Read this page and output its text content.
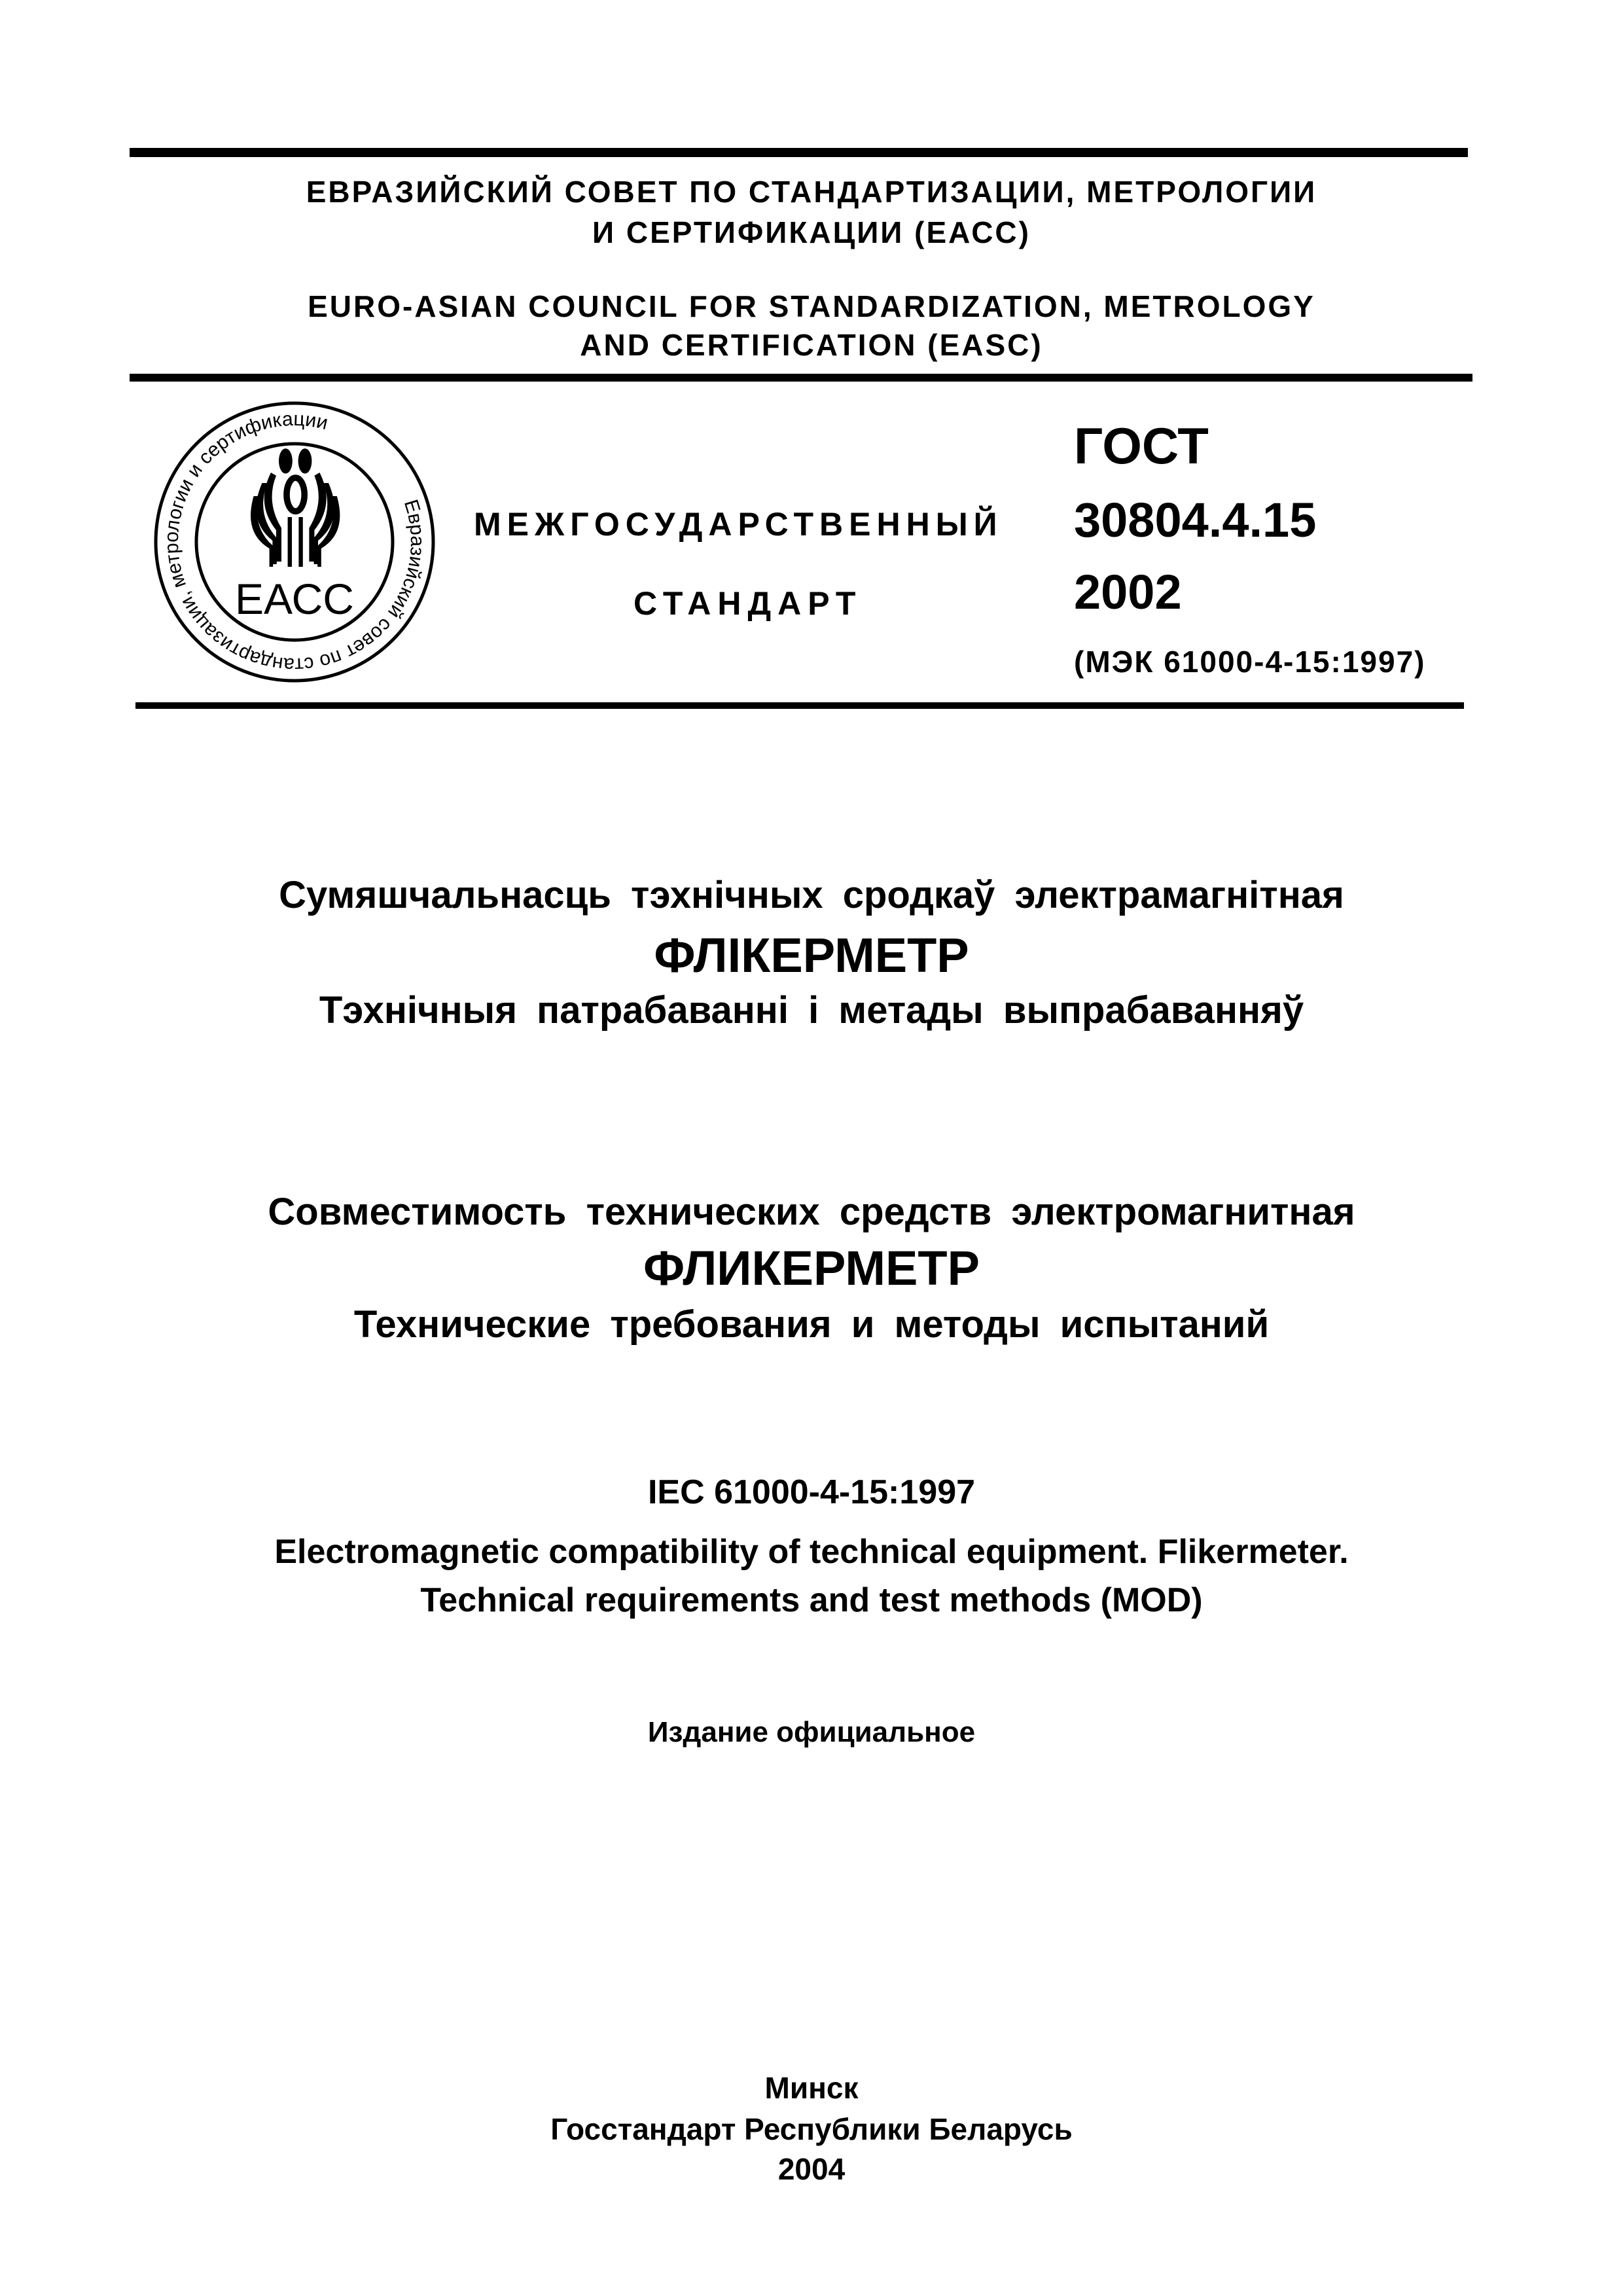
ЕВРАЗИЙСКИЙ СОВЕТ ПО СТАНДАРТИЗАЦИИ, МЕТРОЛОГИИ
И СЕРТИФИКАЦИИ (ЕАСС)
EURO-ASIAN COUNCIL FOR STANDARDIZATION, METROLOGY
AND CERTIFICATION (EASC)
Евразийский совет по стандартизации, метрологии и сертификации
ЕАСС
МЕЖГОСУДАРСТВЕННЫЙ
СТАНДАРТ
ГОСТ
30804.4.15
2002
(МЭК 61000-4-15:1997)
Сумяшчальнасць тэхнічных сродкаў электрамагнітная
ФЛІКЕРМЕТР
Тэхнічныя патрабаванні і метады выпрабаванняў
Совместимость технических средств электромагнитная
ФЛИКЕРМЕТР
Технические требования и методы испытаний
IEC 61000-4-15:1997
Electromagnetic compatibility of technical equipment. Flikermeter.
Technical requirements and test methods (MOD)
Издание официальное
Минск
Госстандарт Республики Беларусь
2004
